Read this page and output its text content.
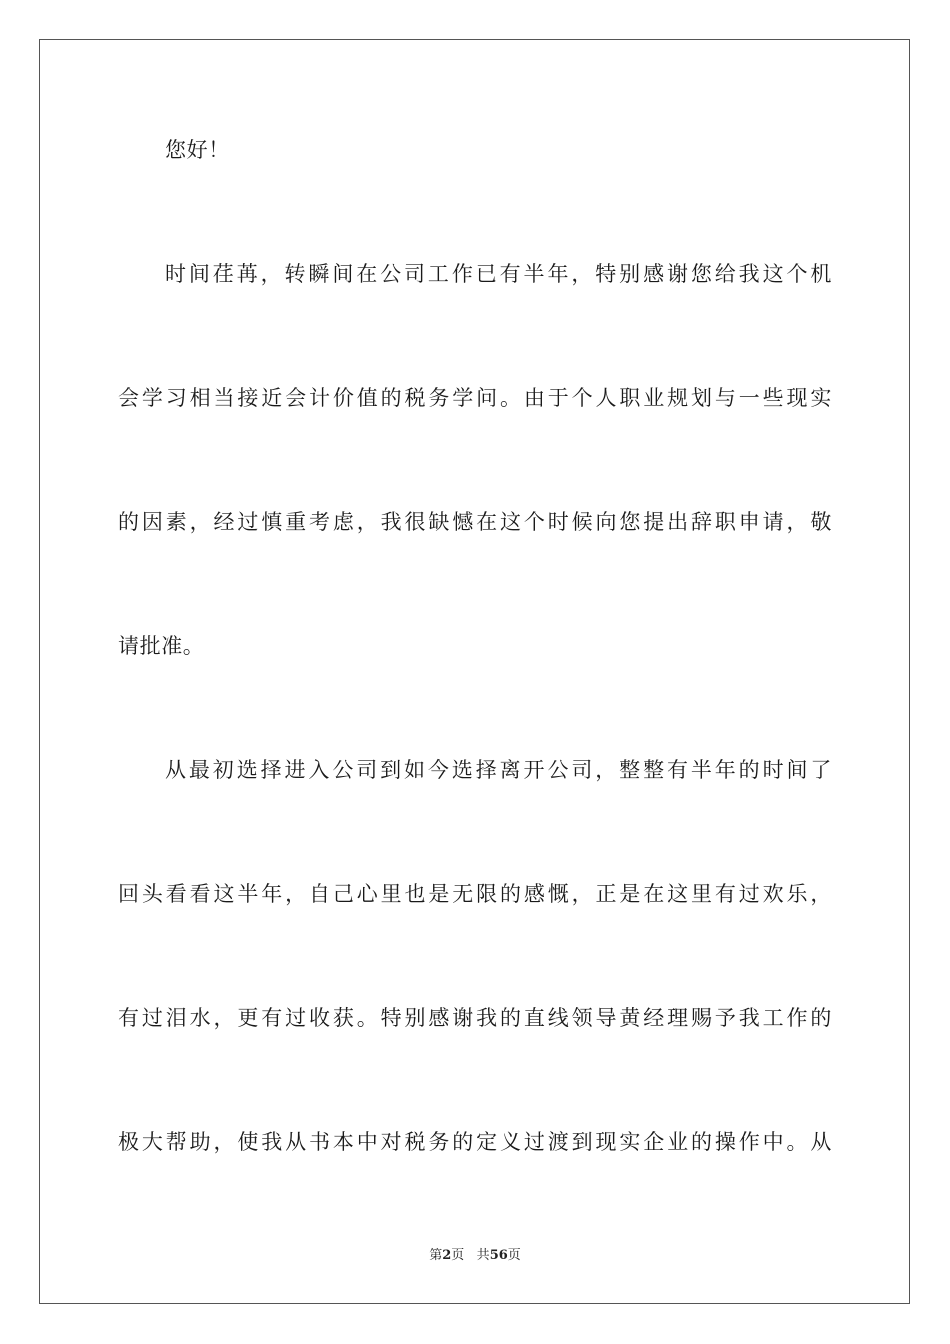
您好！
时间荏苒，转瞬间在公司工作已有半年，特别感谢您给我这个机
会学习相当接近会计价值的税务学问。由于个人职业规划与一些现实
的因素，经过慎重考虑，我很缺憾在这个时候向您提出辞职申请，敬
请批准。
从最初选择进入公司到如今选择离开公司，整整有半年的时间了
回头看看这半年，自己心里也是无限的感慨，正是在这里有过欢乐，
有过泪水，更有过收获。特别感谢我的直线领导黄经理赐予我工作的
极大帮助，使我从书本中对税务的定义过渡到现实企业的操作中。从
第2页 共56页
